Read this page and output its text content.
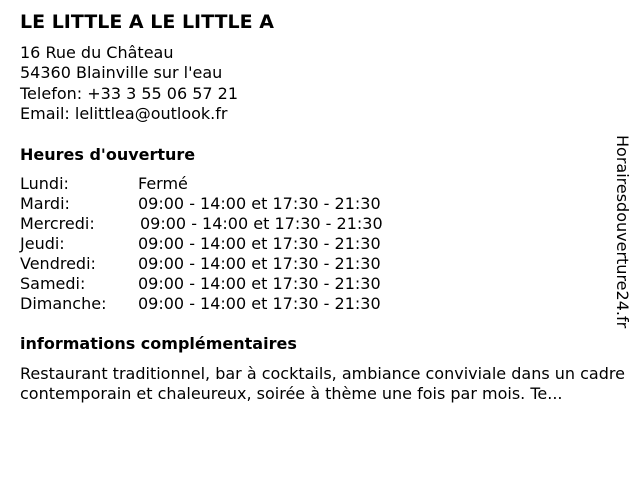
LE LITTLE A LE LITTLE A
16 Rue du Château
54360 Blainville sur l'eau
Telefon: +33 3 55 06 57 21
Email: lelittlea@outlook.fr
Heures d'ouverture
Lundi:	Fermé
Mardi:	09:00 - 14:00 et 17:30 - 21:30
Mercredi:	09:00 - 14:00 et 17:30 - 21:30
Jeudi:	09:00 - 14:00 et 17:30 - 21:30
Vendredi:	09:00 - 14:00 et 17:30 - 21:30
Samedi:	09:00 - 14:00 et 17:30 - 21:30
Dimanche: 09:00 - 14:00 et 17:30 - 21:30
informations complémentaires
Restaurant traditionnel, bar à cocktails, ambiance conviviale dans un cadre contemporain et chaleureux, soirée à thème une fois par mois. Te...
Horairesdouverture24.fr
